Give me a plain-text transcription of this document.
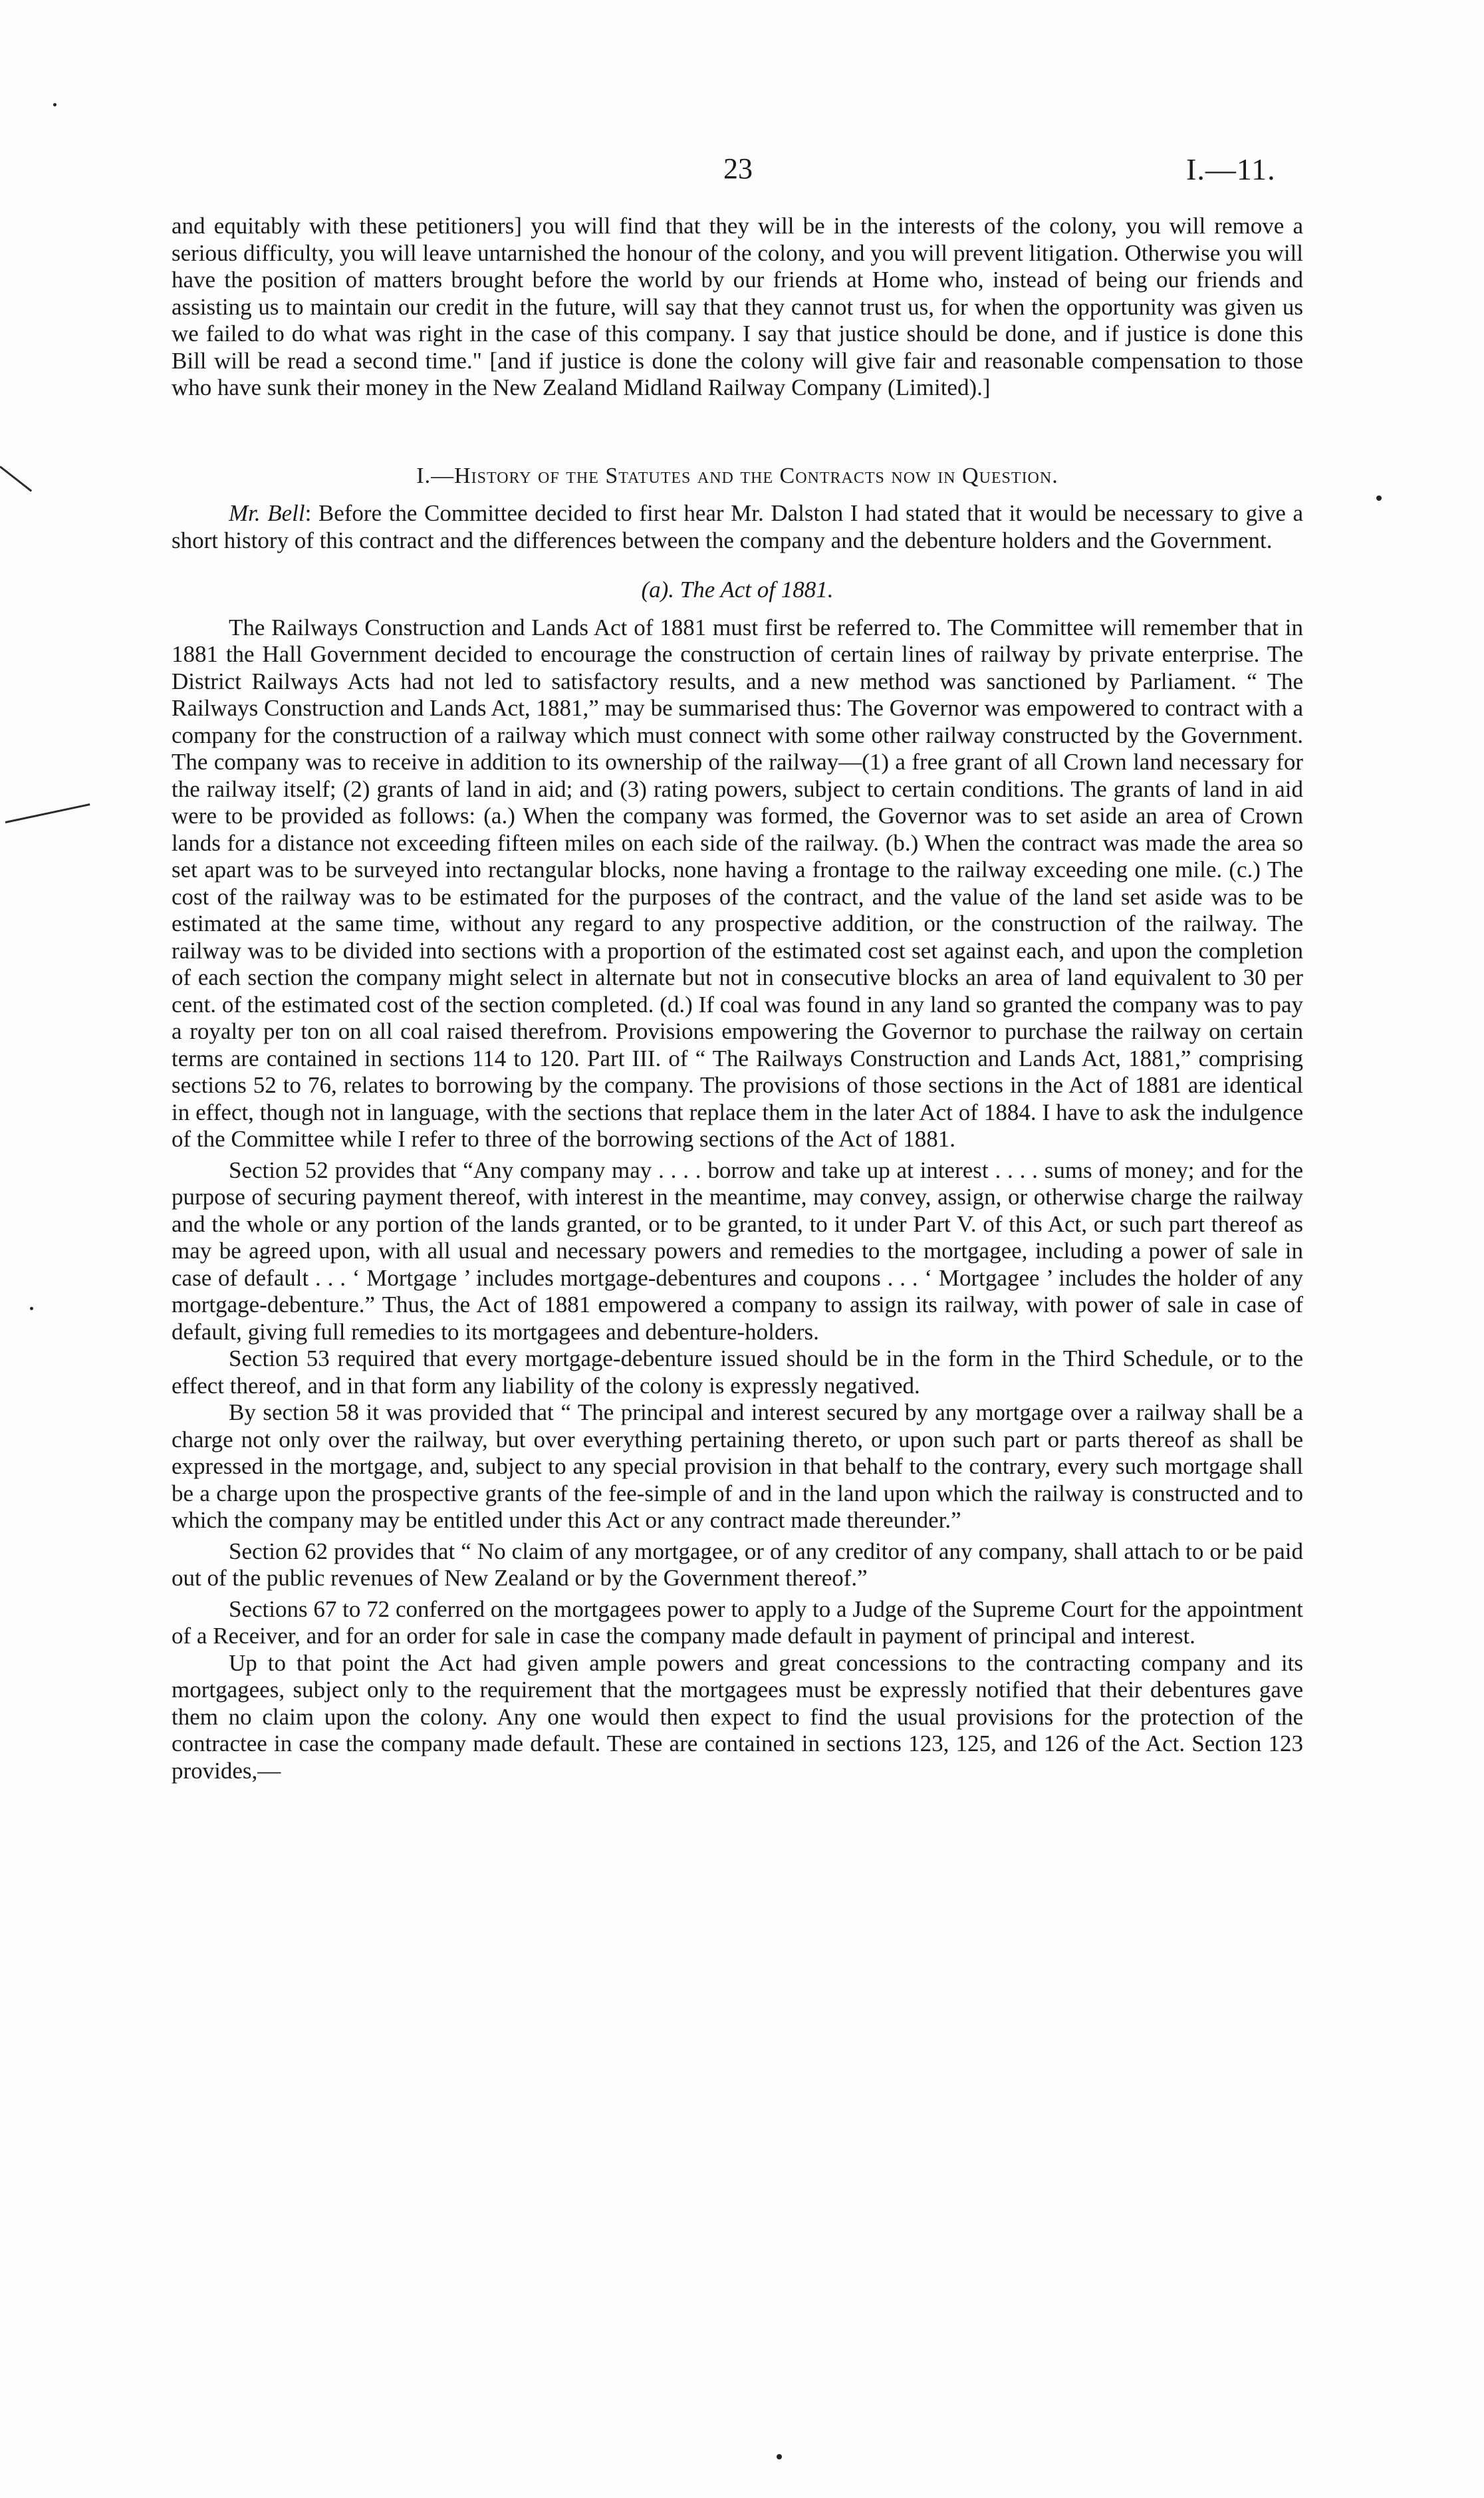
23	I.—11.

and equitably with these petitioners] you will find that they will be in the interests of the colony, you will remove a serious difficulty, you will leave untarnished the honour of the colony, and you will prevent litigation. Otherwise you will have the position of matters brought before the world by our friends at Home who, instead of being our friends and assisting us to maintain our credit in the future, will say that they cannot trust us, for when the opportunity was given us we failed to do what was right in the case of this company. I say that justice should be done, and if justice is done this Bill will be read a second time." [and if justice is done the colony will give fair and reasonable compensation to those who have sunk their money in the New Zealand Midland Railway Company (Limited).]

I.—History of the Statutes and the Contracts now in Question.

Mr. Bell: Before the Committee decided to first hear Mr. Dalston I had stated that it would be necessary to give a short history of this contract and the differences between the company and the debenture holders and the Government.

(a). The Act of 1881.

The Railways Construction and Lands Act of 1881 must first be referred to. The Committee will remember that in 1881 the Hall Government decided to encourage the construction of certain lines of railway by private enterprise. The District Railways Acts had not led to satisfactory results, and a new method was sanctioned by Parliament. “ The Railways Construction and Lands Act, 1881,” may be summarised thus: The Governor was empowered to contract with a company for the construction of a railway which must connect with some other railway constructed by the Government. The company was to receive in addition to its ownership of the railway—(1) a free grant of all Crown land necessary for the railway itself; (2) grants of land in aid; and (3) rating powers, subject to certain conditions. The grants of land in aid were to be provided as follows: (a.) When the company was formed, the Governor was to set aside an area of Crown lands for a distance not exceeding fifteen miles on each side of the railway. (b.) When the contract was made the area so set apart was to be surveyed into rectangular blocks, none having a frontage to the railway exceeding one mile. (c.) The cost of the railway was to be estimated for the purposes of the contract, and the value of the land set aside was to be estimated at the same time, without any regard to any prospective addition, or the construction of the railway. The railway was to be divided into sections with a proportion of the estimated cost set against each, and upon the completion of each section the company might select in alternate but not in consecutive blocks an area of land equivalent to 30 per cent. of the estimated cost of the section completed. (d.) If coal was found in any land so granted the company was to pay a royalty per ton on all coal raised therefrom. Provisions empowering the Governor to purchase the railway on certain terms are contained in sections 114 to 120. Part III. of “ The Railways Construction and Lands Act, 1881,” comprising sections 52 to 76, relates to borrowing by the company. The provisions of those sections in the Act of 1881 are identical in effect, though not in language, with the sections that replace them in the later Act of 1884. I have to ask the indulgence of the Committee while I refer to three of the borrowing sections of the Act of 1881.

Section 52 provides that “Any company may . . . . borrow and take up at interest . . . . sums of money; and for the purpose of securing payment thereof, with interest in the meantime, may convey, assign, or otherwise charge the railway and the whole or any portion of the lands granted, or to be granted, to it under Part V. of this Act, or such part thereof as may be agreed upon, with all usual and necessary powers and remedies to the mortgagee, including a power of sale in case of default . . . ‘ Mortgage ’ includes mortgage-debentures and coupons . . . ‘ Mortgagee ’ includes the holder of any mortgage-debenture.” Thus, the Act of 1881 empowered a company to assign its railway, with power of sale in case of default, giving full remedies to its mortgagees and debenture-holders.

Section 53 required that every mortgage-debenture issued should be in the form in the Third Schedule, or to the effect thereof, and in that form any liability of the colony is expressly negatived.

By section 58 it was provided that “ The principal and interest secured by any mortgage over a railway shall be a charge not only over the railway, but over everything pertaining thereto, or upon such part or parts thereof as shall be expressed in the mortgage, and, subject to any special provision in that behalf to the contrary, every such mortgage shall be a charge upon the prospective grants of the fee-simple of and in the land upon which the railway is constructed and to which the company may be entitled under this Act or any contract made thereunder.”

Section 62 provides that “ No claim of any mortgagee, or of any creditor of any company, shall attach to or be paid out of the public revenues of New Zealand or by the Government thereof.”

Sections 67 to 72 conferred on the mortgagees power to apply to a Judge of the Supreme Court for the appointment of a Receiver, and for an order for sale in case the company made default in payment of principal and interest.

Up to that point the Act had given ample powers and great concessions to the contracting company and its mortgagees, subject only to the requirement that the mortgagees must be expressly notified that their debentures gave them no claim upon the colony. Any one would then expect to find the usual provisions for the protection of the contractee in case the company made default. These are contained in sections 123, 125, and 126 of the Act. Section 123 provides,—
